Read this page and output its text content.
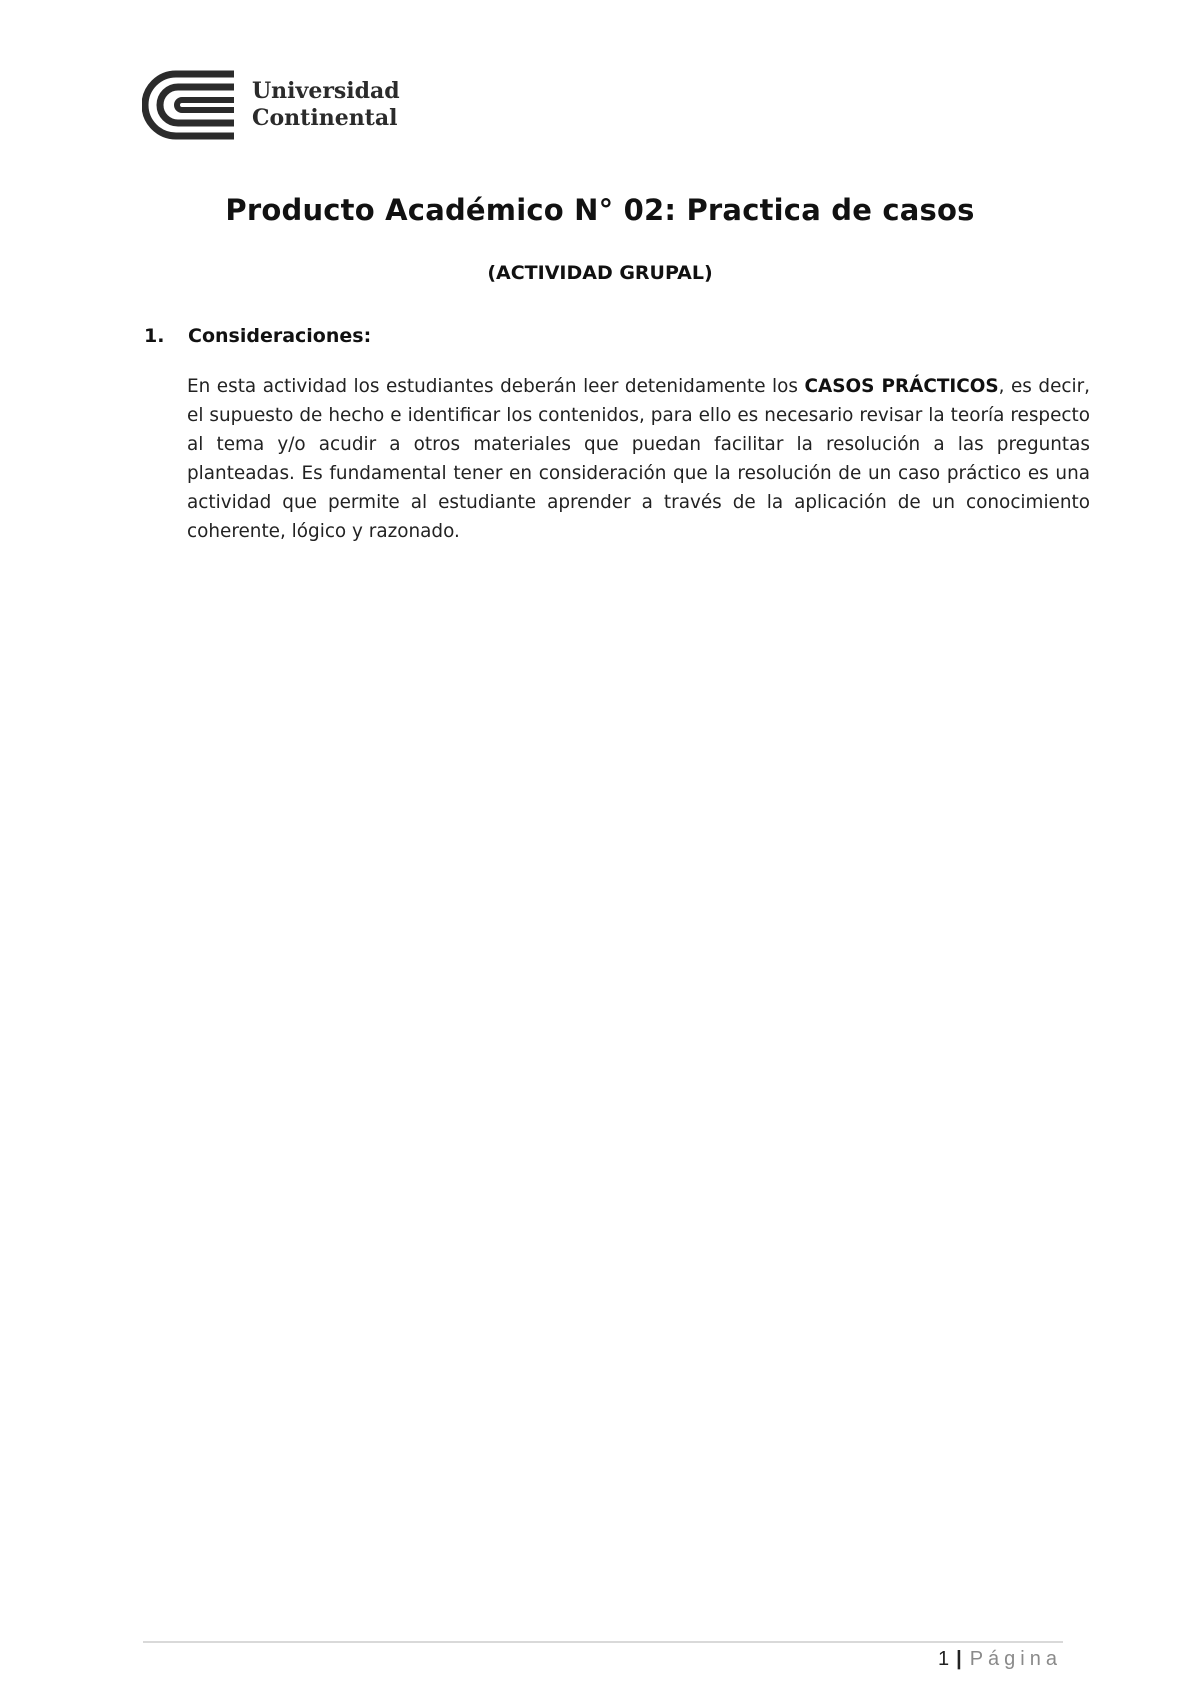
Universidad
Continental
Producto Académico N° 02: Practica de casos
(ACTIVIDAD GRUPAL)
1.	Consideraciones:

En esta actividad los estudiantes deberán leer detenidamente los CASOS PRÁCTICOS, es decir, el supuesto de hecho e identificar los contenidos, para ello es necesario revisar la teoría respecto al tema y/o acudir a otros materiales que puedan facilitar la resolución a las preguntas planteadas. Es fundamental tener en consideración que la resolución de un caso práctico es una actividad que permite al estudiante aprender a través de la aplicación de un conocimiento coherente, lógico y razonado.

1 | Página
